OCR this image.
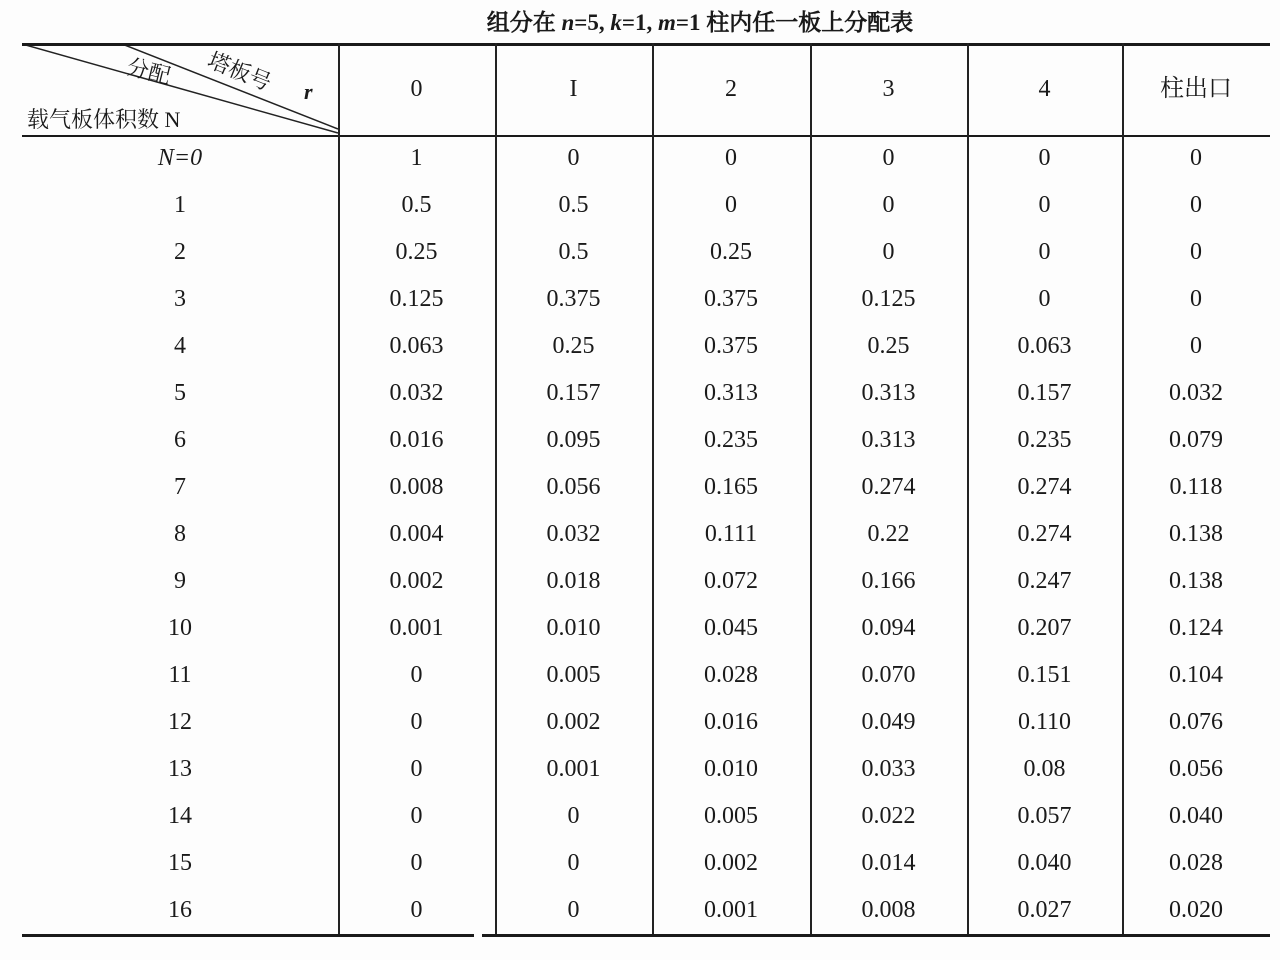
组分在 n=5, k=1, m=1 柱内任一板上分配表
塔板号 r
分配
载气板体积数 N
0	I	2	3	4	柱出口
N=0	1	0	0	0	0	0
1	0.5	0.5	0	0	0	0
2	0.25	0.5	0.25	0	0	0
3	0.125	0.375	0.375	0.125	0	0
4	0.063	0.25	0.375	0.25	0.063	0
5	0.032	0.157	0.313	0.313	0.157	0.032
6	0.016	0.095	0.235	0.313	0.235	0.079
7	0.008	0.056	0.165	0.274	0.274	0.118
8	0.004	0.032	0.111	0.22	0.274	0.138
9	0.002	0.018	0.072	0.166	0.247	0.138
10	0.001	0.010	0.045	0.094	0.207	0.124
11	0	0.005	0.028	0.070	0.151	0.104
12	0	0.002	0.016	0.049	0.110	0.076
13	0	0.001	0.010	0.033	0.08	0.056
14	0	0	0.005	0.022	0.057	0.040
15	0	0	0.002	0.014	0.040	0.028
16	0	0	0.001	0.008	0.027	0.020
